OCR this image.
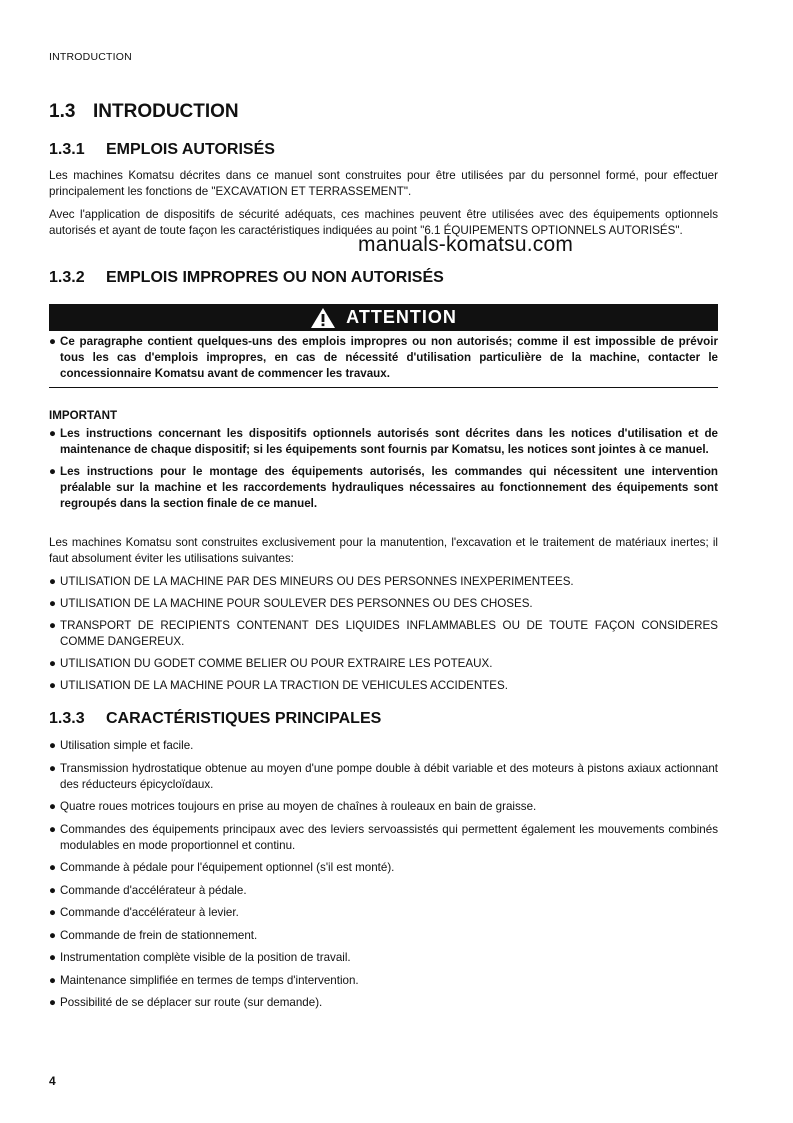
INTRODUCTION
1.3 INTRODUCTION
1.3.1 EMPLOIS AUTORISÉS

Les machines Komatsu décrites dans ce manuel sont construites pour être utilisées par du personnel formé, pour effectuer principalement les fonctions de "EXCAVATION ET TERRASSEMENT".

Avec l'application de dispositifs de sécurité adéquats, ces machines peuvent être utilisées avec des équipements optionnels autorisés et ayant de toute façon les caractéristiques indiquées au point "6.1 ÉQUIPEMENTS OPTIONNELS AUTORISÉS".

manuals-komatsu.com
1.3.2 EMPLOIS IMPROPRES OU NON AUTORISÉS
ATTENTION
● Ce paragraphe contient quelques-uns des emplois impropres ou non autorisés; comme il est impossible de prévoir tous les cas d'emplois impropres, en cas de nécessité d'utilisation particulière de la machine, contacter le concessionnaire Komatsu avant de commencer les travaux.
IMPORTANT
● Les instructions concernant les dispositifs optionnels autorisés sont décrites dans les notices d'utilisation et de maintenance de chaque dispositif; si les équipements sont fournis par Komatsu, les notices sont jointes à ce manuel.
● Les instructions pour le montage des équipements autorisés, les commandes qui nécessitent une intervention préalable sur la machine et les raccordements hydrauliques nécessaires au fonctionnement des équipements sont regroupés dans la section finale de ce manuel.

Les machines Komatsu sont construites exclusivement pour la manutention, l'excavation et le traitement de matériaux inertes; il faut absolument éviter les utilisations suivantes:

● UTILISATION DE LA MACHINE PAR DES MINEURS OU DES PERSONNES INEXPERIMENTEES.
● UTILISATION DE LA MACHINE POUR SOULEVER DES PERSONNES OU DES CHOSES.
● TRANSPORT DE RECIPIENTS CONTENANT DES LIQUIDES INFLAMMABLES OU DE TOUTE FAÇON CONSIDERES COMME DANGEREUX.
● UTILISATION DU GODET COMME BELIER OU POUR EXTRAIRE LES POTEAUX.
● UTILISATION DE LA MACHINE POUR LA TRACTION DE VEHICULES ACCIDENTES.
1.3.3 CARACTÉRISTIQUES PRINCIPALES
● Utilisation simple et facile.
● Transmission hydrostatique obtenue au moyen d'une pompe double à débit variable et des moteurs à pistons axiaux actionnant des réducteurs épicycloïdaux.
● Quatre roues motrices toujours en prise au moyen de chaînes à rouleaux en bain de graisse.
● Commandes des équipements principaux avec des leviers servoassistés qui permettent également les mouvements combinés modulables en mode proportionnel et continu.
● Commande à pédale pour l'équipement optionnel (s'il est monté).
● Commande d'accélérateur à pédale.
● Commande d'accélérateur à levier.
● Commande de frein de stationnement.
● Instrumentation complète visible de la position de travail.
● Maintenance simplifiée en termes de temps d'intervention.
● Possibilité de se déplacer sur route (sur demande).
4
